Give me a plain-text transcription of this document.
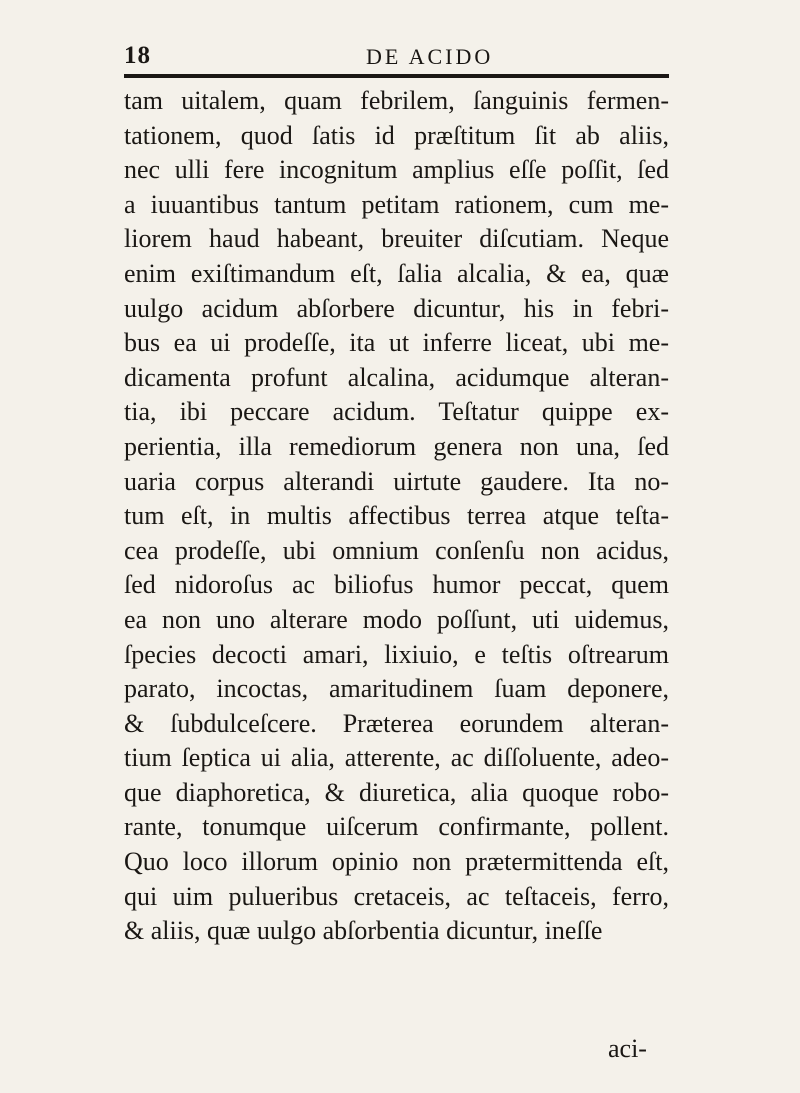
18	DE ACIDO
tam uitalem, quam febrilem, ſanguinis fermen-
tationem, quod ſatis id præſtitum ſit ab aliis,
nec ulli fere incognitum amplius eſſe poſſit, ſed
a iuuantibus tantum petitam rationem, cum me-
liorem haud habeant, breuiter diſcutiam. Neque
enim exiſtimandum eſt, ſalia alcalia, & ea, quæ
uulgo acidum abſorbere dicuntur, his in febri-
bus ea ui prodeſſe, ita ut inferre liceat, ubi me-
dicamenta profunt alcalina, acidumque alteran-
tia, ibi peccare acidum. Teſtatur quippe ex-
perientia, illa remediorum genera non una, ſed
uaria corpus alterandi uirtute gaudere. Ita no-
tum eſt, in multis affectibus terrea atque teſta-
cea prodeſſe, ubi omnium conſenſu non acidus,
ſed nidoroſus ac biliofus humor peccat, quem
ea non uno alterare modo poſſunt, uti uidemus,
ſpecies decocti amari, lixiuio, e teſtis oſtrearum
parato, incoctas, amaritudinem ſuam deponere,
& ſubdulceſcere. Præterea eorundem alteran-
tium ſeptica ui alia, atterente, ac diſſoluente, adeo-
que diaphoretica, & diuretica, alia quoque robo-
rante, tonumque uiſcerum confirmante, pollent.
Quo loco illorum opinio non prætermittenda eſt,
qui uim pulueribus cretaceis, ac teſtaceis, ferro,
& aliis, quæ uulgo abſorbentia dicuntur, ineſſe
aci-
